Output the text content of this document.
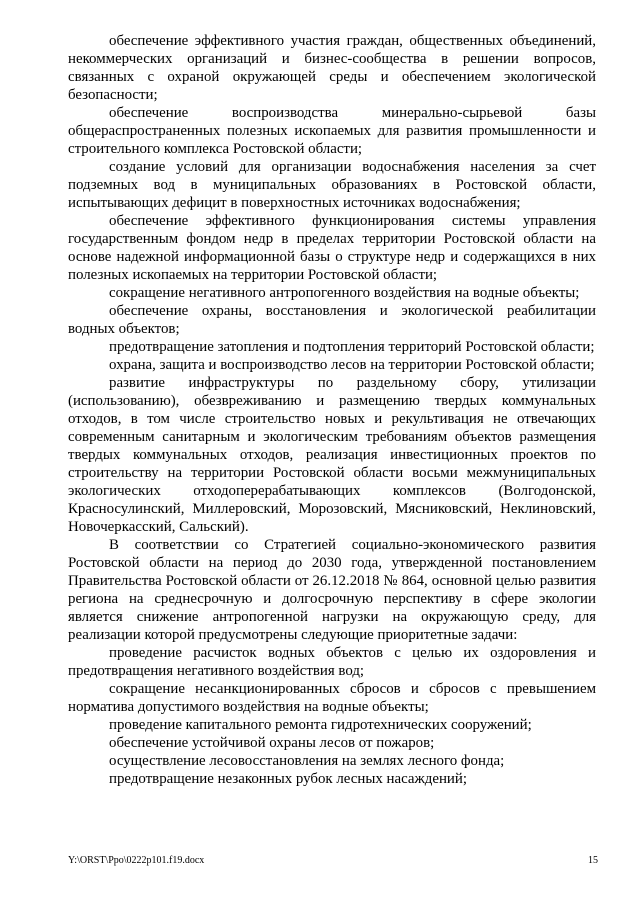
обеспечение эффективного участия граждан, общественных объединений, некоммерческих организаций и бизнес-сообщества в решении вопросов, связанных с охраной окружающей среды и обеспечением экологической безопасности;

обеспечение воспроизводства минерально-сырьевой базы общераспространенных полезных ископаемых для развития промышленности и строительного комплекса Ростовской области;

создание условий для организации водоснабжения населения за счет подземных вод в муниципальных образованиях в Ростовской области, испытывающих дефицит в поверхностных источниках водоснабжения;

обеспечение эффективного функционирования системы управления государственным фондом недр в пределах территории Ростовской области на основе надежной информационной базы о структуре недр и содержащихся в них полезных ископаемых на территории Ростовской области;

сокращение негативного антропогенного воздействия на водные объекты;

обеспечение охраны, восстановления и экологической реабилитации водных объектов;

предотвращение затопления и подтопления территорий Ростовской области;

охрана, защита и воспроизводство лесов на территории Ростовской области;

развитие инфраструктуры по раздельному сбору, утилизации (использованию), обезвреживанию и размещению твердых коммунальных отходов, в том числе строительство новых и рекультивация не отвечающих современным санитарным и экологическим требованиям объектов размещения твердых коммунальных отходов, реализация инвестиционных проектов по строительству на территории Ростовской области восьми межмуниципальных экологических отходоперерабатывающих комплексов (Волгодонской, Красносулинский, Миллеровский, Морозовский, Мясниковский, Неклиновский, Новочеркасский, Сальский).

В соответствии со Стратегией социально-экономического развития Ростовской области на период до 2030 года, утвержденной постановлением Правительства Ростовской области от 26.12.2018 № 864, основной целью развития региона на среднесрочную и долгосрочную перспективу в сфере экологии является снижение антропогенной нагрузки на окружающую среду, для реализации которой предусмотрены следующие приоритетные задачи:

проведение расчисток водных объектов с целью их оздоровления и предотвращения негативного воздействия вод;

сокращение несанкционированных сбросов и сбросов с превышением норматива допустимого воздействия на водные объекты;

проведение капитального ремонта гидротехнических сооружений;

обеспечение устойчивой охраны лесов от пожаров;

осуществление лесовосстановления на землях лесного фонда;

предотвращение незаконных рубок лесных насаждений;

Y:\ORST\Ppo\0222p101.f19.docx	15
